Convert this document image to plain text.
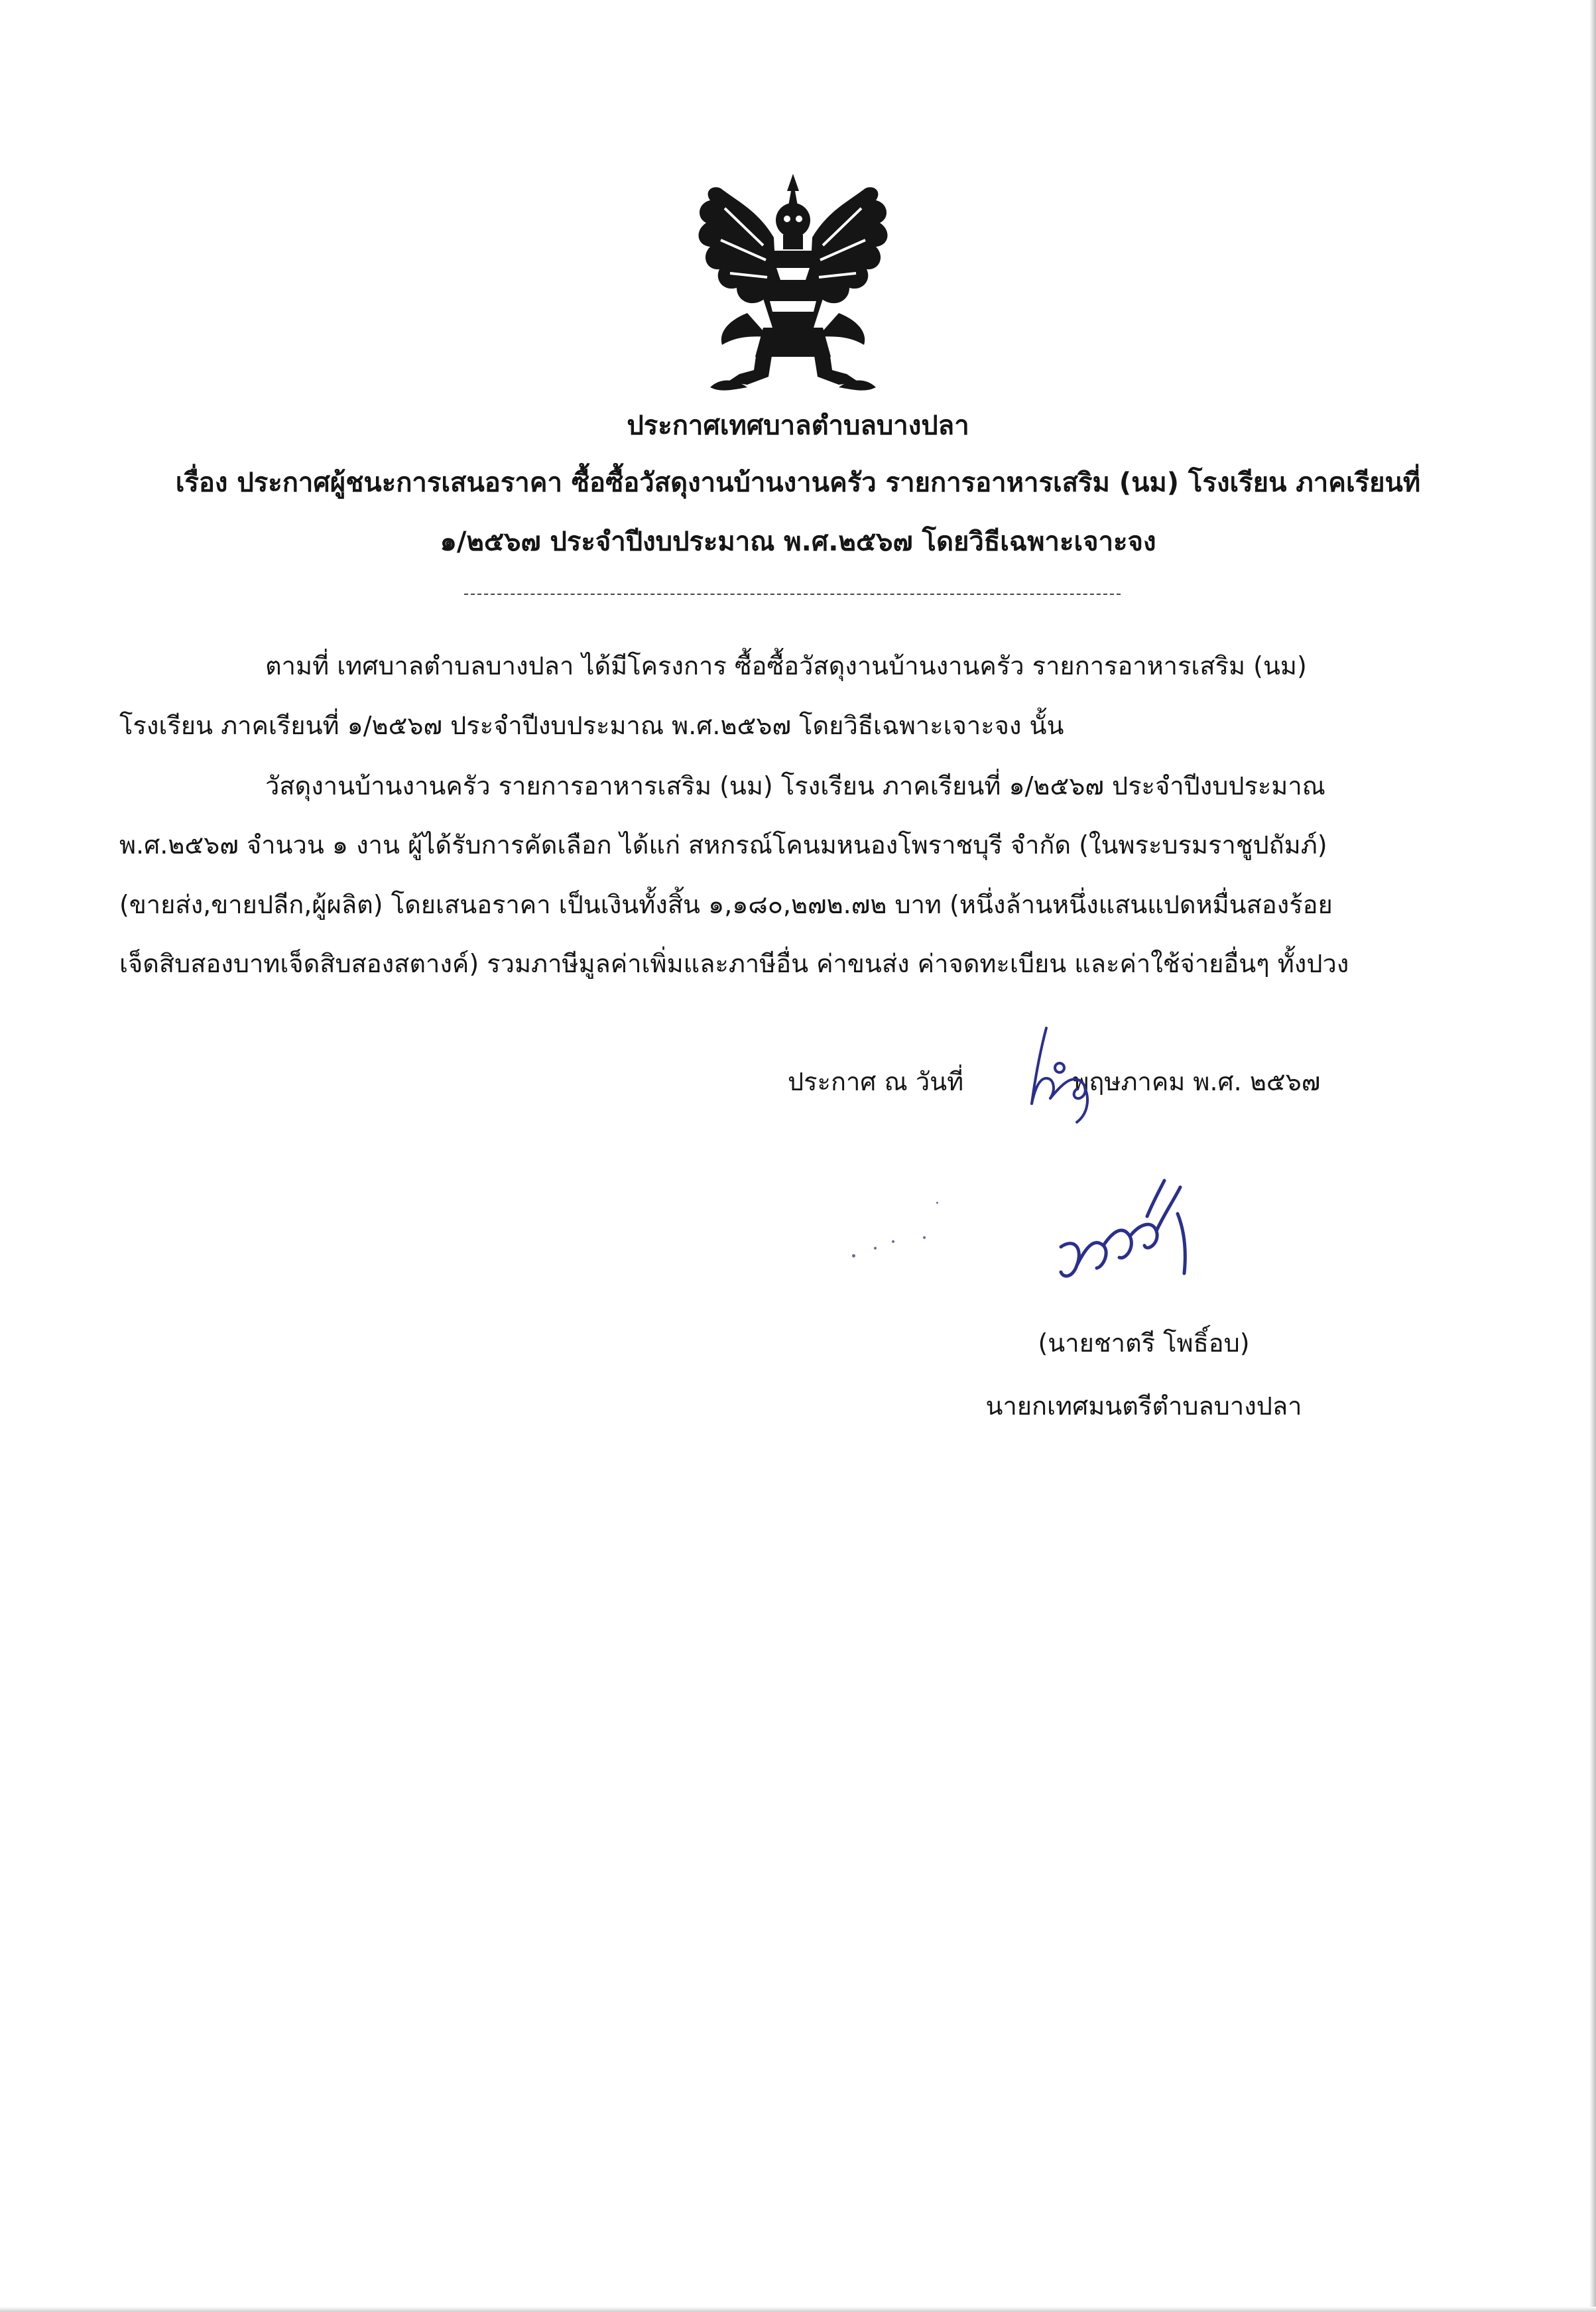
ประกาศเทศบาลตำบลบางปลา
เรื่อง ประกาศผู้ชนะการเสนอราคา ซื้อซื้อวัสดุงานบ้านงานครัว รายการอาหารเสริม (นม) โรงเรียน ภาคเรียนที่
๑/๒๕๖๗ ประจำปีงบประมาณ พ.ศ.๒๕๖๗ โดยวิธีเฉพาะเจาะจง
ตามที่ เทศบาลตำบลบางปลา ได้มีโครงการ ซื้อซื้อวัสดุงานบ้านงานครัว รายการอาหารเสริม (นม)
โรงเรียน ภาคเรียนที่ ๑/๒๕๖๗ ประจำปีงบประมาณ พ.ศ.๒๕๖๗ โดยวิธีเฉพาะเจาะจง นั้น
วัสดุงานบ้านงานครัว รายการอาหารเสริม (นม) โรงเรียน ภาคเรียนที่ ๑/๒๕๖๗ ประจำปีงบประมาณ
พ.ศ.๒๕๖๗ จำนวน ๑ งาน ผู้ได้รับการคัดเลือก ได้แก่ สหกรณ์โคนมหนองโพราชบุรี จำกัด (ในพระบรมราชูปถัมภ์)
(ขายส่ง,ขายปลีก,ผู้ผลิต) โดยเสนอราคา เป็นเงินทั้งสิ้น ๑,๑๘๐,๒๗๒.๗๒ บาท (หนึ่งล้านหนึ่งแสนแปดหมื่นสองร้อย
เจ็ดสิบสองบาทเจ็ดสิบสองสตางค์) รวมภาษีมูลค่าเพิ่มและภาษีอื่น ค่าขนส่ง ค่าจดทะเบียน และค่าใช้จ่ายอื่นๆ ทั้งปวง
ประกาศ ณ วันที่	พฤษภาคม พ.ศ. ๒๕๖๗
(นายชาตรี โพธิ์อบ)
นายกเทศมนตรีตำบลบางปลา
